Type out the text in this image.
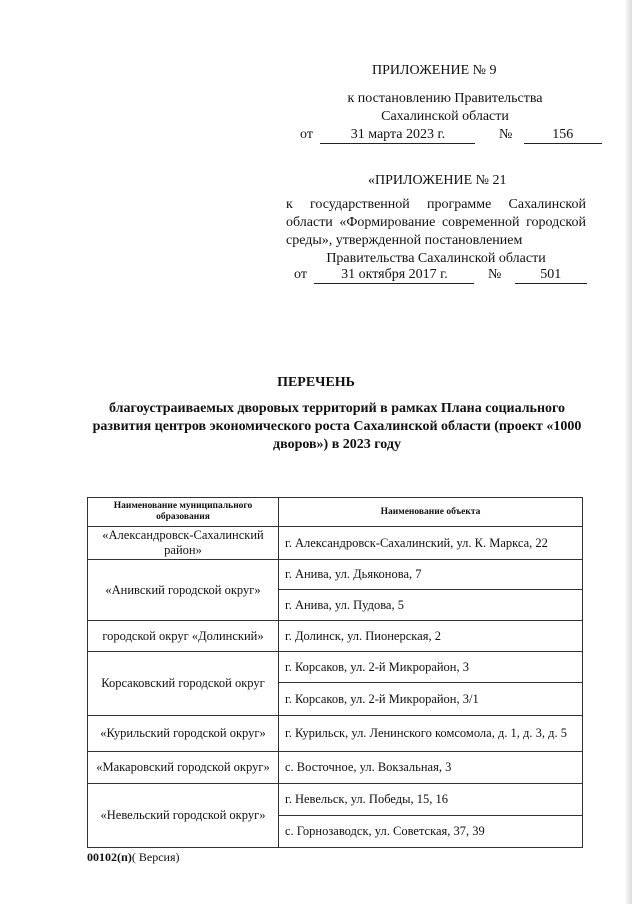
ПРИЛОЖЕНИЕ № 9
к постановлению Правительства
Сахалинской области
от	31 марта 2023 г.	№	156
«ПРИЛОЖЕНИЕ № 21
к государственной программе Сахалинской области «Формирование современной городской среды», утвержденной постановлением
Правительства Сахалинской области
от 31 октября 2017 г.	№	501
ПЕРЕЧЕНЬ
благоустраиваемых дворовых территорий в рамках Плана социального развития центров экономического роста Сахалинской области (проект «1000 дворов») в 2023 году
Наименование муниципального образования	Наименование объекта
«Александровск-Сахалинский район»	г. Александровск-Сахалинский, ул. К. Маркса, 22
«Анивский городской округ»	г. Анива, ул. Дьяконова, 7
	г. Анива, ул. Пудова, 5
городской округ «Долинский»	г. Долинск, ул. Пионерская, 2
Корсаковский городской округ	г. Корсаков, ул. 2-й Микрорайон, 3
	г. Корсаков, ул. 2-й Микрорайон, 3/1
«Курильский городской округ»	г. Курильск, ул. Ленинского комсомола, д. 1, д. 3, д. 5
«Макаровский городской округ»	с. Восточное, ул. Вокзальная, 3
«Невельский городской округ»	г. Невельск, ул. Победы, 15, 16
	с. Горнозаводск, ул. Советская, 37, 39
00102(п)( Версия)
